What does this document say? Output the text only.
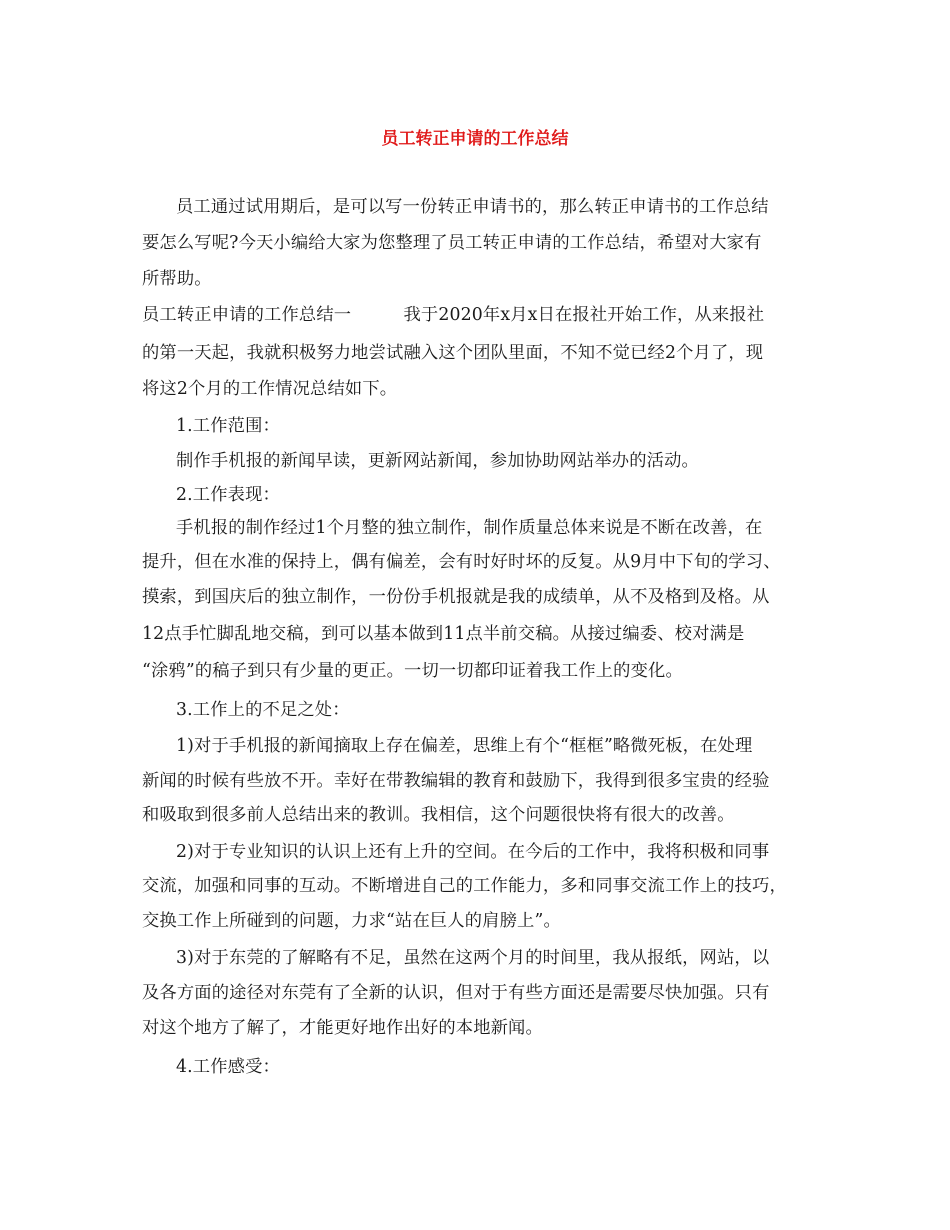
员工转正申请的工作总结
员工通过试用期后，是可以写一份转正申请书的，那么转正申请书的工作总结
要怎么写呢?今天小编给大家为您整理了员工转正申请的工作总结，希望对大家有
所帮助。
员工转正申请的工作总结一　　　我于2020年x月x日在报社开始工作，从来报社
的第一天起，我就积极努力地尝试融入这个团队里面，不知不觉已经2个月了，现
将这2个月的工作情况总结如下。
1.工作范围：
制作手机报的新闻早读，更新网站新闻，参加协助网站举办的活动。
2.工作表现：
手机报的制作经过1个月整的独立制作，制作质量总体来说是不断在改善，在
提升，但在水准的保持上，偶有偏差，会有时好时坏的反复。从9月中下旬的学习、
摸索，到国庆后的独立制作，一份份手机报就是我的成绩单，从不及格到及格。从
12点手忙脚乱地交稿，到可以基本做到11点半前交稿。从接过编委、校对满是
“涂鸦”的稿子到只有少量的更正。一切一切都印证着我工作上的变化。
3.工作上的不足之处：
1)对于手机报的新闻摘取上存在偏差，思维上有个“框框”略微死板，在处理
新闻的时候有些放不开。幸好在带教编辑的教育和鼓励下，我得到很多宝贵的经验
和吸取到很多前人总结出来的教训。我相信，这个问题很快将有很大的改善。
2)对于专业知识的认识上还有上升的空间。在今后的工作中，我将积极和同事
交流，加强和同事的互动。不断增进自己的工作能力，多和同事交流工作上的技巧，
交换工作上所碰到的问题，力求“站在巨人的肩膀上”。
3)对于东莞的了解略有不足，虽然在这两个月的时间里，我从报纸，网站，以
及各方面的途径对东莞有了全新的认识，但对于有些方面还是需要尽快加强。只有
对这个地方了解了，才能更好地作出好的本地新闻。
4.工作感受：
